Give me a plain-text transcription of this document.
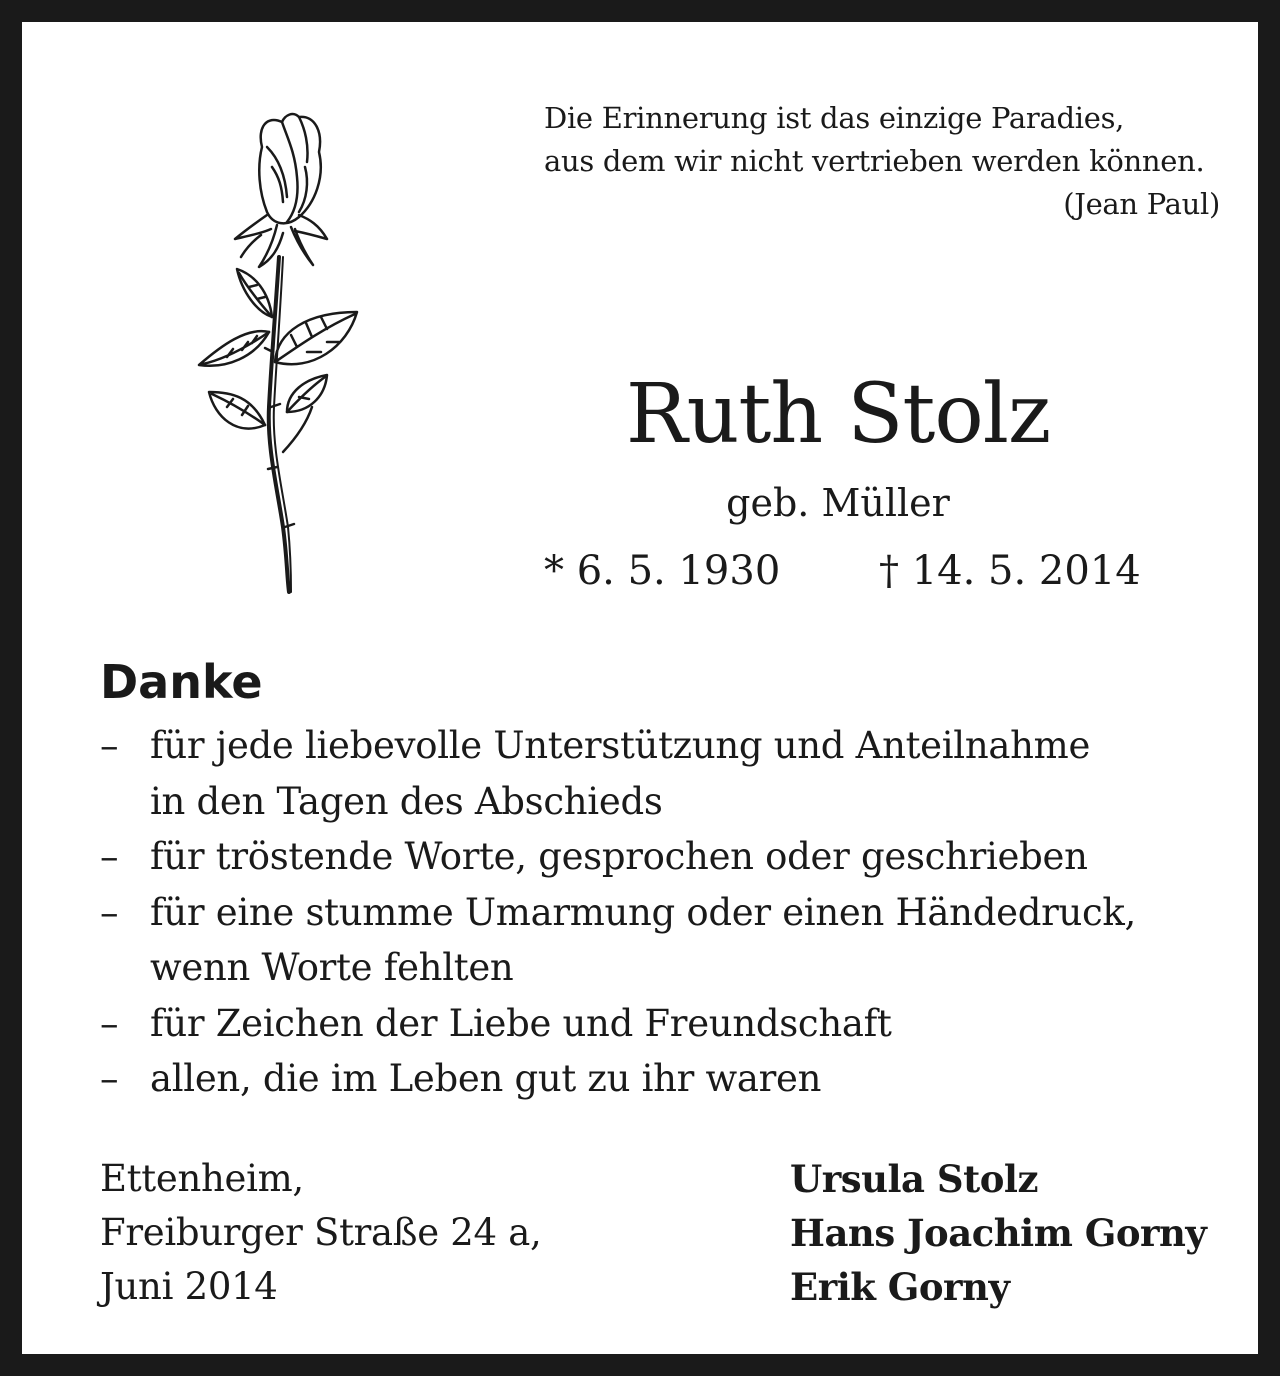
Die Erinnerung ist das einzige Paradies,
aus dem wir nicht vertrieben werden können.
(Jean Paul)
Ruth Stolz
geb. Müller
* 6. 5. 1930 † 14. 5. 2014
Danke
– für jede liebevolle Unterstützung und Anteilnahme
in den Tagen des Abschieds
– für tröstende Worte, gesprochen oder geschrieben
– für eine stumme Umarmung oder einen Händedruck,
wenn Worte fehlten
– für Zeichen der Liebe und Freundschaft
– allen, die im Leben gut zu ihr waren
Ettenheim,
Freiburger Straße 24 a,
Juni 2014
Ursula Stolz
Hans Joachim Gorny
Erik Gorny
